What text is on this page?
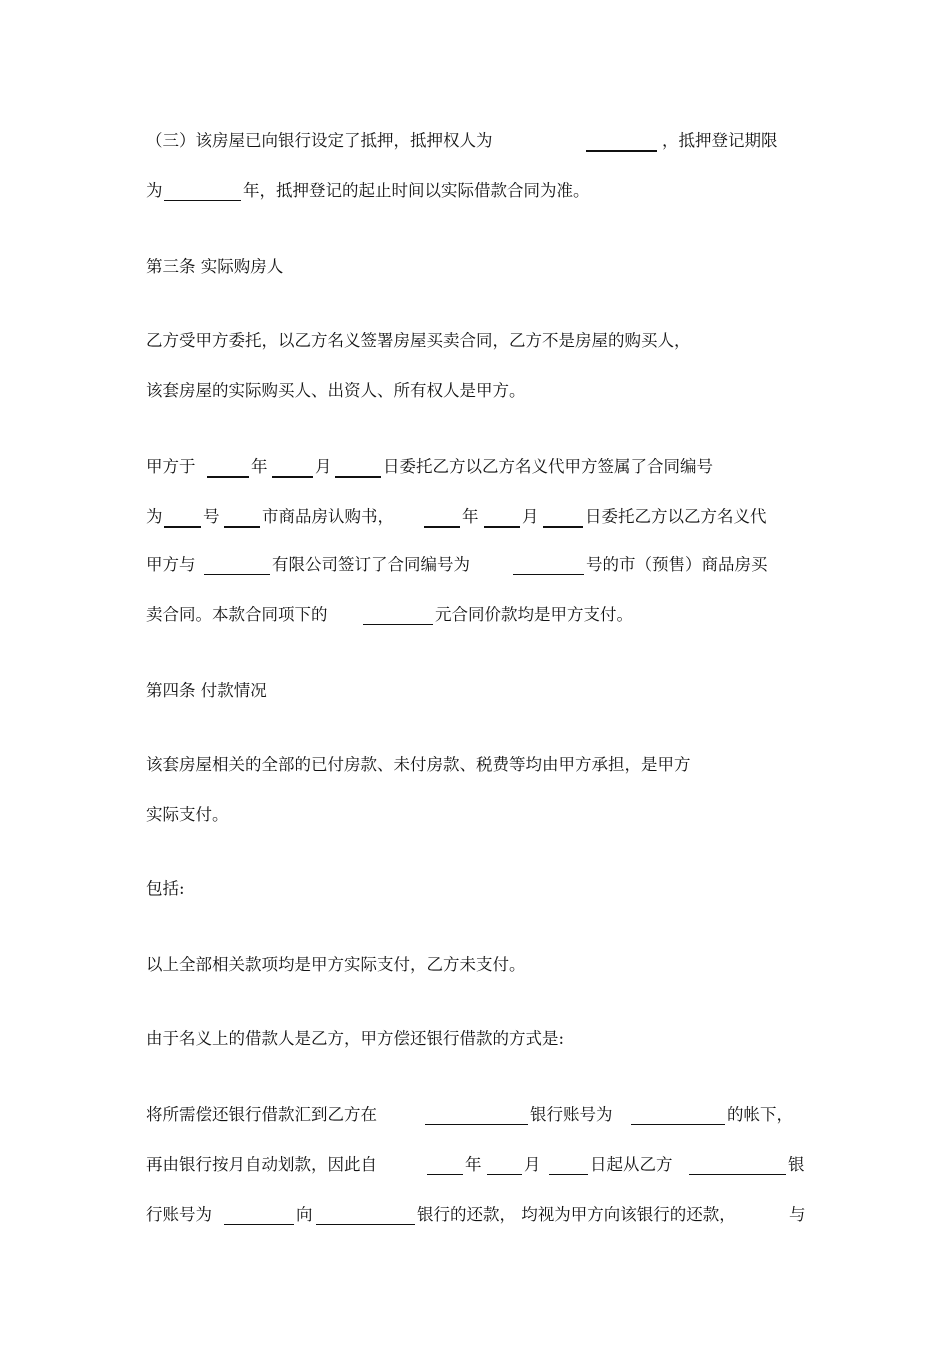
（三）该房屋已向银行设定了抵押，抵押权人为	，抵押登记期限
为	年，抵押登记的起止时间以实际借款合同为准。
第三条 实际购房人
乙方受甲方委托，以乙方名义签署房屋买卖合同，乙方不是房屋的购买人，
该套房屋的实际购买人、出资人、所有权人是甲方。
甲方于	年	月	日委托乙方以乙方名义代甲方签属了合同编号
为 号	市商品房认购书，	年	月	日委托乙方以乙方名义代
甲方与	有限公司签订了合同编号为	号的市（预售）商品房买
卖合同。本款合同项下的	元合同价款均是甲方支付。
第四条 付款情况
该套房屋相关的全部的已付房款、未付房款、税费等均由甲方承担，是甲方
实际支付。
包括:
以上全部相关款项均是甲方实际支付，乙方未支付。
由于名义上的借款人是乙方，甲方偿还银行借款的方式是:
将所需偿还银行借款汇到乙方在	银行账号为	的帐下，
再由银行按月自动划款，因此自	年	月	日起从乙方	银
行账号为	向	银行的还款， 均视为甲方向该银行的还款，	与
